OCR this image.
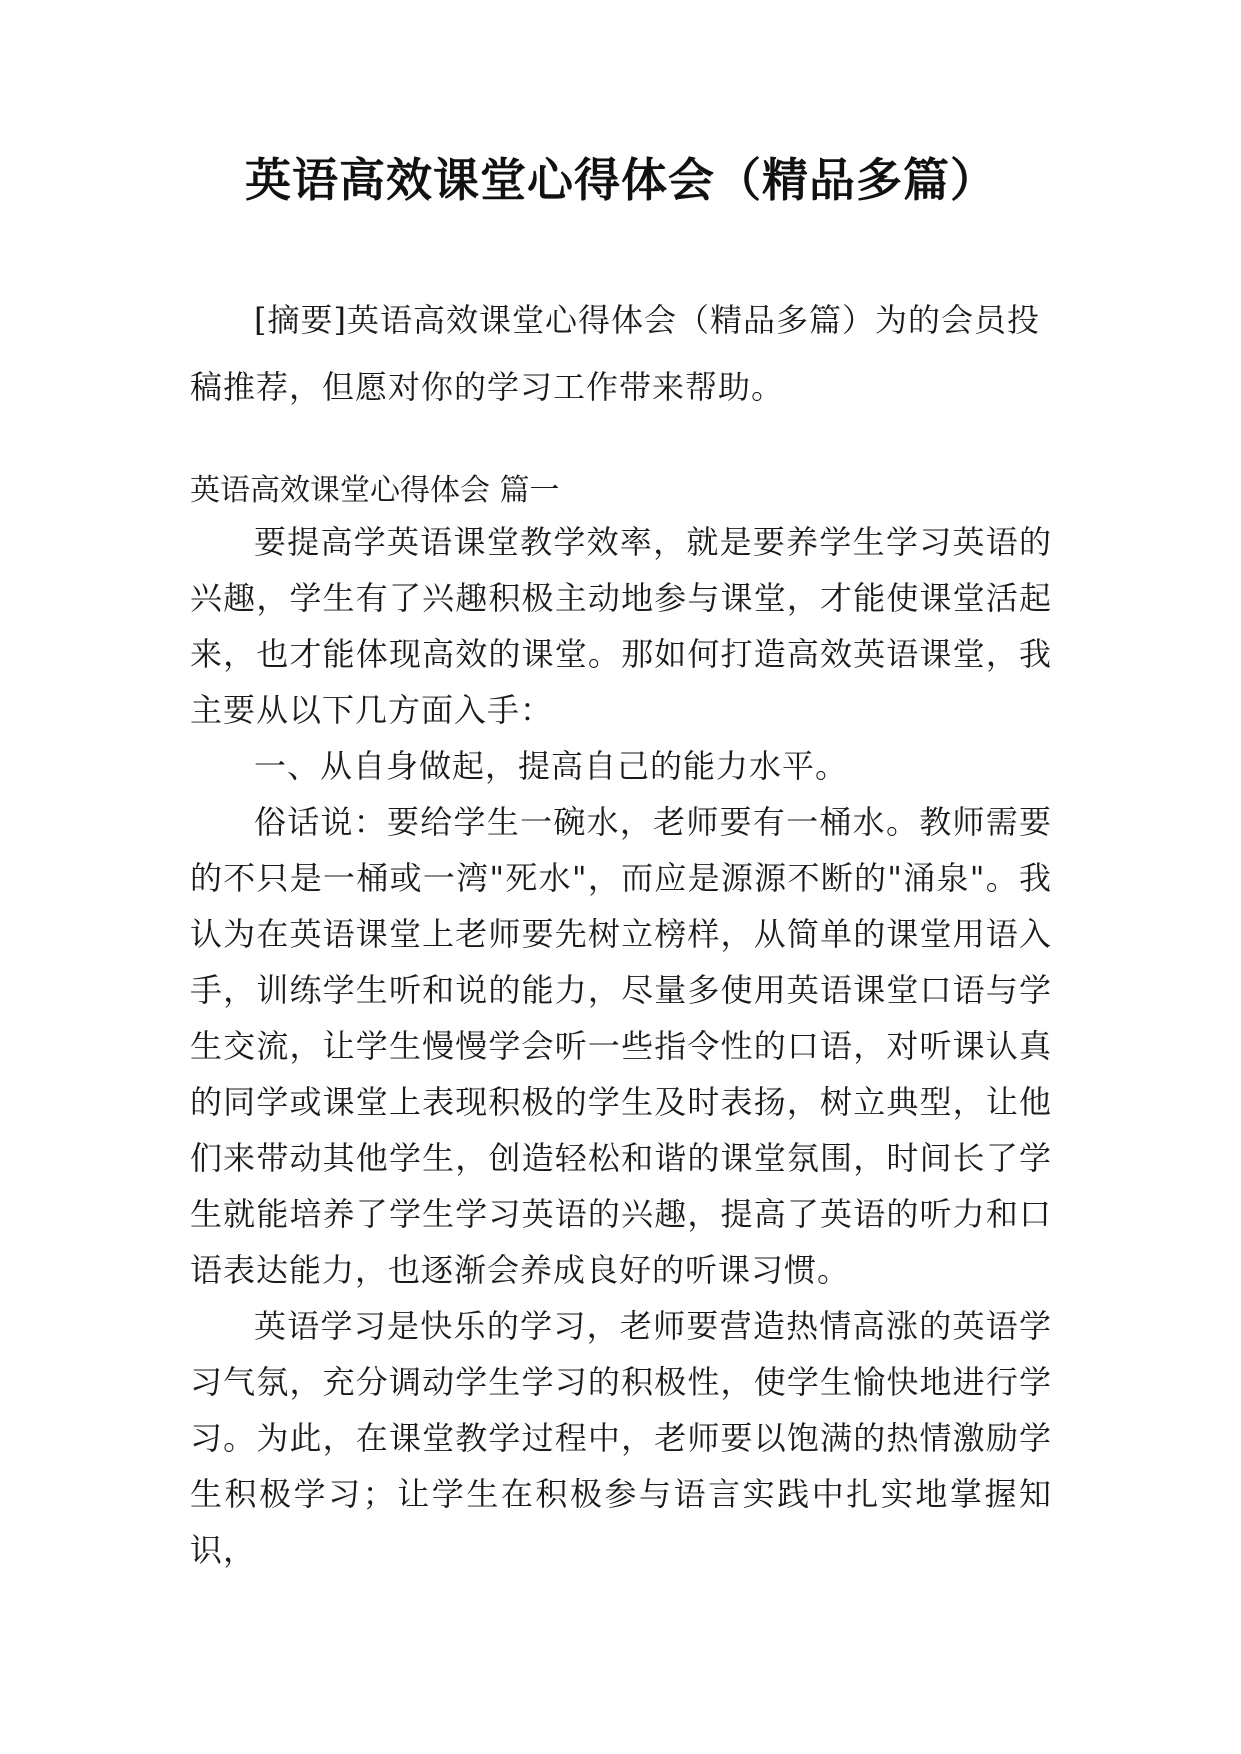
英语高效课堂心得体会（精品多篇）

[摘要]英语高效课堂心得体会（精品多篇）为的会员投稿推荐，但愿对你的学习工作带来帮助。

英语高效课堂心得体会 篇一

要提高学英语课堂教学效率，就是要养学生学习英语的兴趣，学生有了兴趣积极主动地参与课堂，才能使课堂活起来，也才能体现高效的课堂。那如何打造高效英语课堂，我主要从以下几方面入手：

一、从自身做起，提高自己的能力水平。

俗话说：要给学生一碗水，老师要有一桶水。教师需要的不只是一桶或一湾"死水"，而应是源源不断的"涌泉"。我认为在英语课堂上老师要先树立榜样，从简单的课堂用语入手，训练学生听和说的能力，尽量多使用英语课堂口语与学生交流，让学生慢慢学会听一些指令性的口语，对听课认真的同学或课堂上表现积极的学生及时表扬，树立典型，让他们来带动其他学生，创造轻松和谐的课堂氛围，时间长了学生就能培养了学生学习英语的兴趣，提高了英语的听力和口语表达能力，也逐渐会养成良好的听课习惯。

英语学习是快乐的学习，老师要营造热情高涨的英语学习气氛，充分调动学生学习的积极性，使学生愉快地进行学习。为此，在课堂教学过程中，老师要以饱满的热情激励学生积极学习；让学生在积极参与语言实践中扎实地掌握知识，
